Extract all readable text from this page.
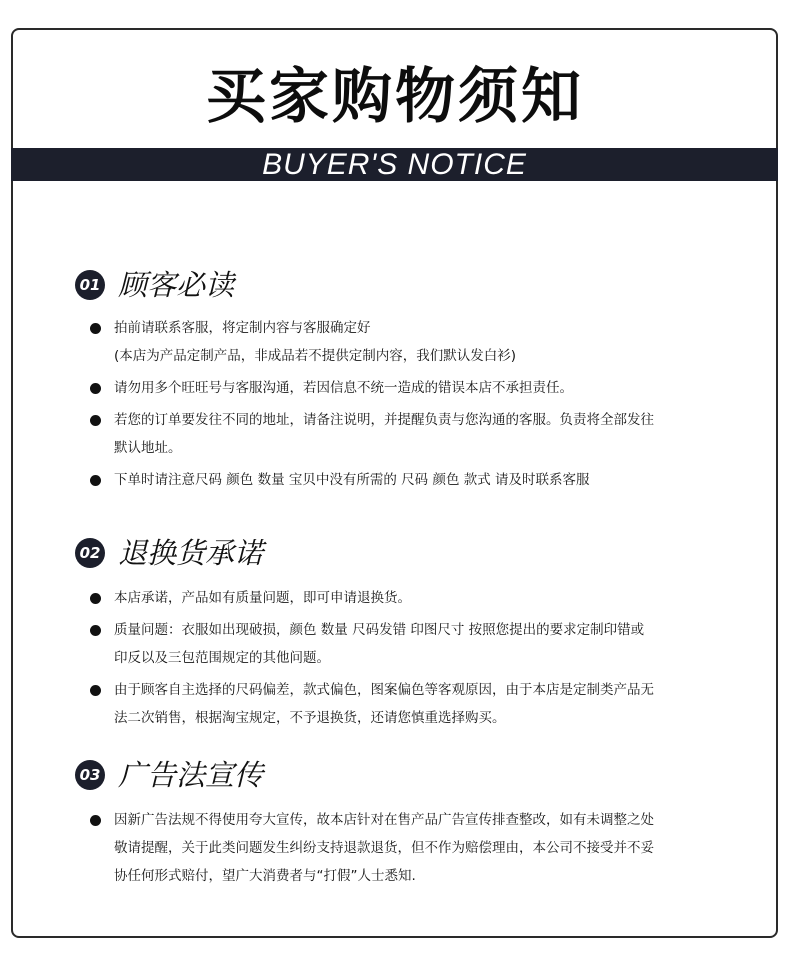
买家购物须知
BUYER'S NOTICE
01 顾客必读
拍前请联系客服，将定制内容与客服确定好
(本店为产品定制产品，非成品若不提供定制内容，我们默认发白衫)
请勿用多个旺旺号与客服沟通，若因信息不统一造成的错误本店不承担责任。
若您的订单要发往不同的地址，请备注说明，并提醒负责与您沟通的客服。负责将全部发往
默认地址。
下单时请注意尺码 颜色 数量 宝贝中没有所需的 尺码 颜色 款式 请及时联系客服
02 退换货承诺
本店承诺，产品如有质量问题，即可申请退换货。
质量问题：衣服如出现破损，颜色 数量 尺码发错 印图尺寸 按照您提出的要求定制印错或
印反以及三包范围规定的其他问题。
由于顾客自主选择的尺码偏差，款式偏色，图案偏色等客观原因，由于本店是定制类产品无
法二次销售，根据淘宝规定，不予退换货，还请您慎重选择购买。
03 广告法宣传
因新广告法规不得使用夸大宣传，故本店针对在售产品广告宣传排查整改，如有未调整之处
敬请提醒，关于此类问题发生纠纷支持退款退货，但不作为赔偿理由，本公司不接受并不妥
协任何形式赔付，望广大消费者与“打假”人士悉知.
